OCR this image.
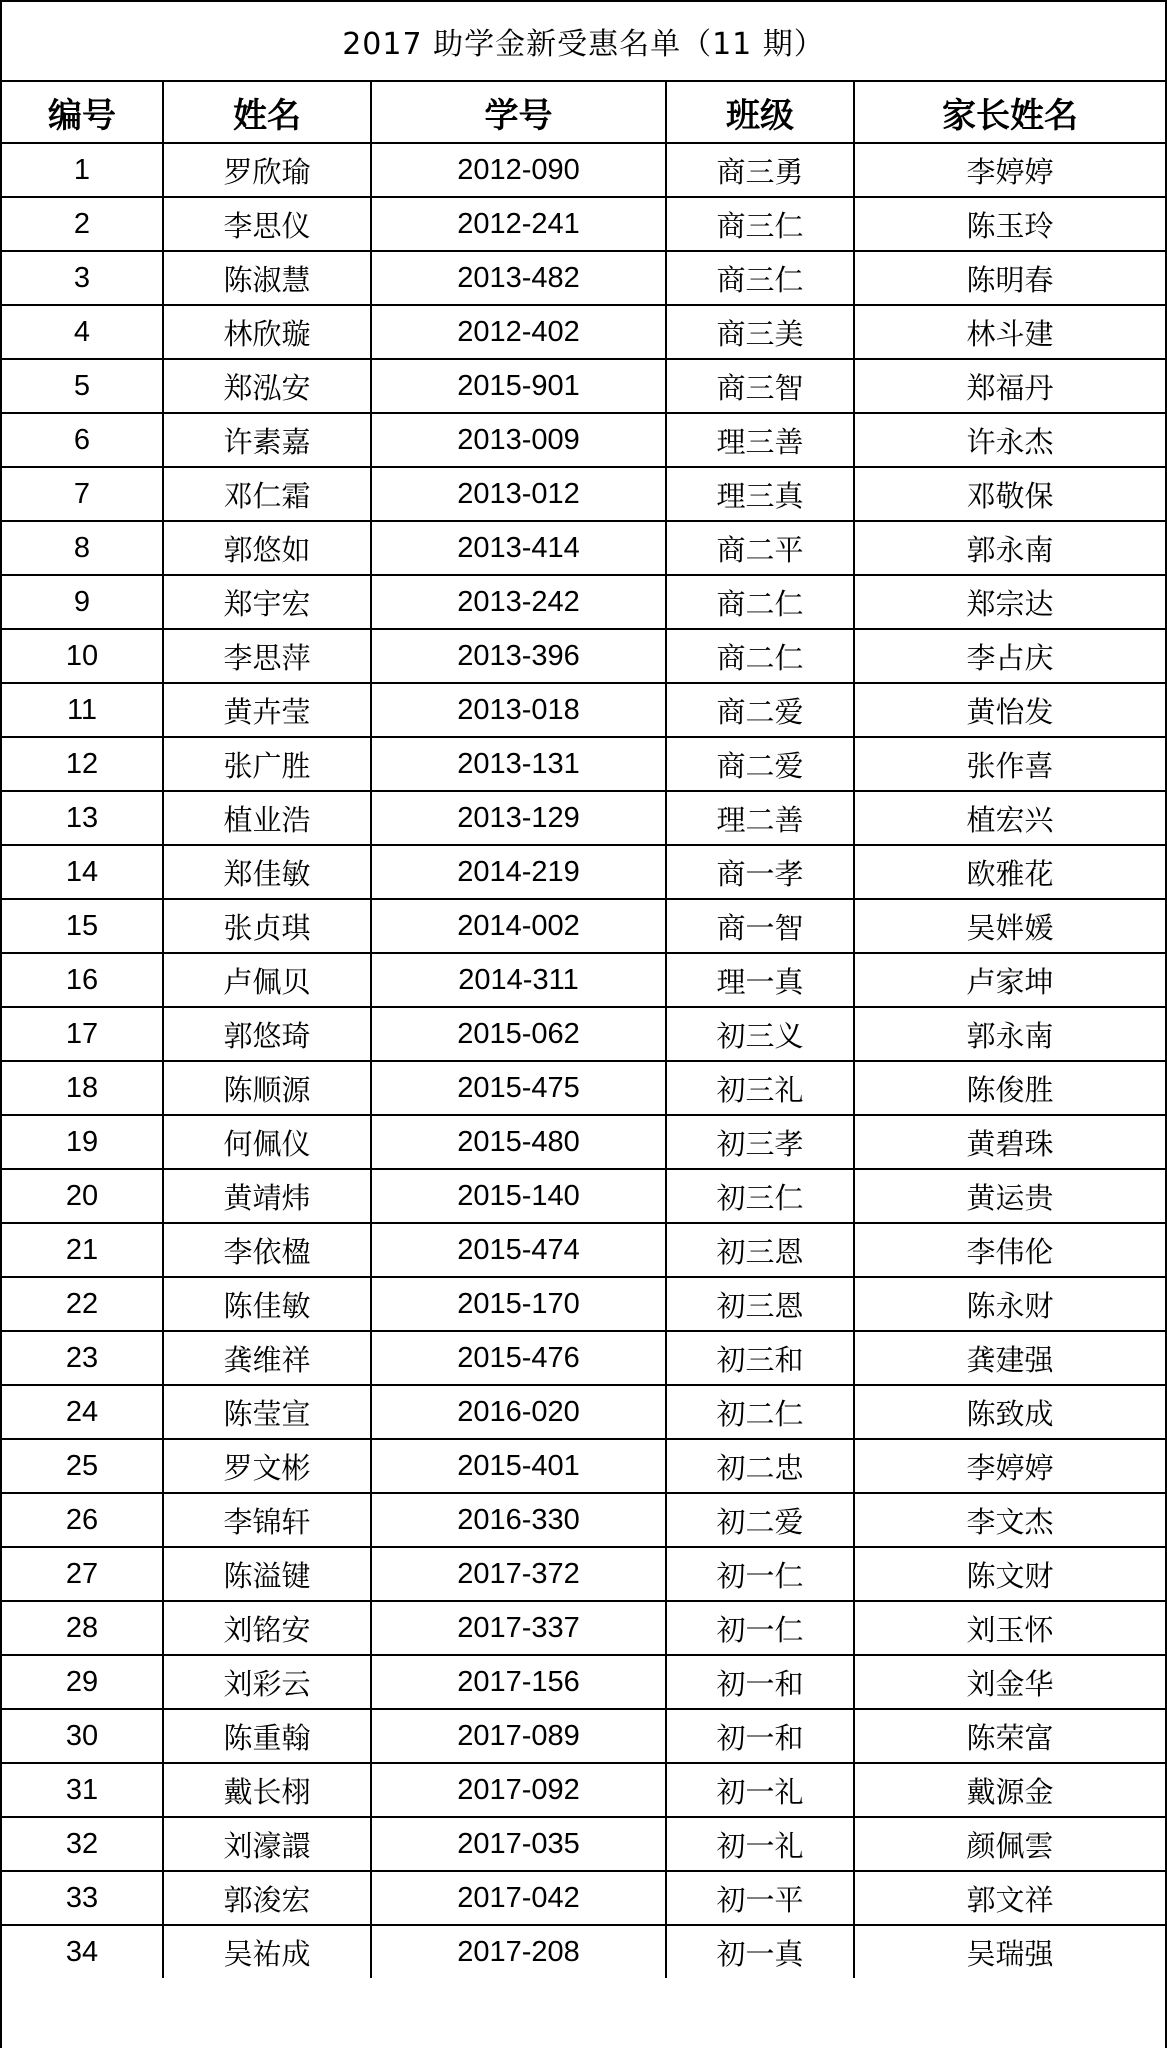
2017 助学金新受惠名单（11 期）
编号	姓名	学号	班级	家长姓名
1	罗欣瑜	2012-090	商三勇	李婷婷
2	李思仪	2012-241	商三仁	陈玉玲
3	陈淑慧	2013-482	商三仁	陈明春
4	林欣璇	2012-402	商三美	林斗建
5	郑泓安	2015-901	商三智	郑福丹
6	许素嘉	2013-009	理三善	许永杰
7	邓仁霜	2013-012	理三真	邓敬保
8	郭悠如	2013-414	商二平	郭永南
9	郑宇宏	2013-242	商二仁	郑宗达
10	李思萍	2013-396	商二仁	李占庆
11	黄卉莹	2013-018	商二爱	黄怡发
12	张广胜	2013-131	商二爱	张作喜
13	植业浩	2013-129	理二善	植宏兴
14	郑佳敏	2014-219	商一孝	欧雅花
15	张贞琪	2014-002	商一智	吴姅媛
16	卢佩贝	2014-311	理一真	卢家坤
17	郭悠琦	2015-062	初三义	郭永南
18	陈顺源	2015-475	初三礼	陈俊胜
19	何佩仪	2015-480	初三孝	黄碧珠
20	黄靖炜	2015-140	初三仁	黄运贵
21	李依楹	2015-474	初三恩	李伟伦
22	陈佳敏	2015-170	初三恩	陈永财
23	龚维祥	2015-476	初三和	龚建强
24	陈莹宣	2016-020	初二仁	陈致成
25	罗文彬	2015-401	初二忠	李婷婷
26	李锦轩	2016-330	初二爱	李文杰
27	陈溢键	2017-372	初一仁	陈文财
28	刘铭安	2017-337	初一仁	刘玉怀
29	刘彩云	2017-156	初一和	刘金华
30	陈重翰	2017-089	初一和	陈荣富
31	戴长栩	2017-092	初一礼	戴源金
32	刘濠譞	2017-035	初一礼	颜佩雲
33	郭浚宏	2017-042	初一平	郭文祥
34	吴祐成	2017-208	初一真	吴瑞强
